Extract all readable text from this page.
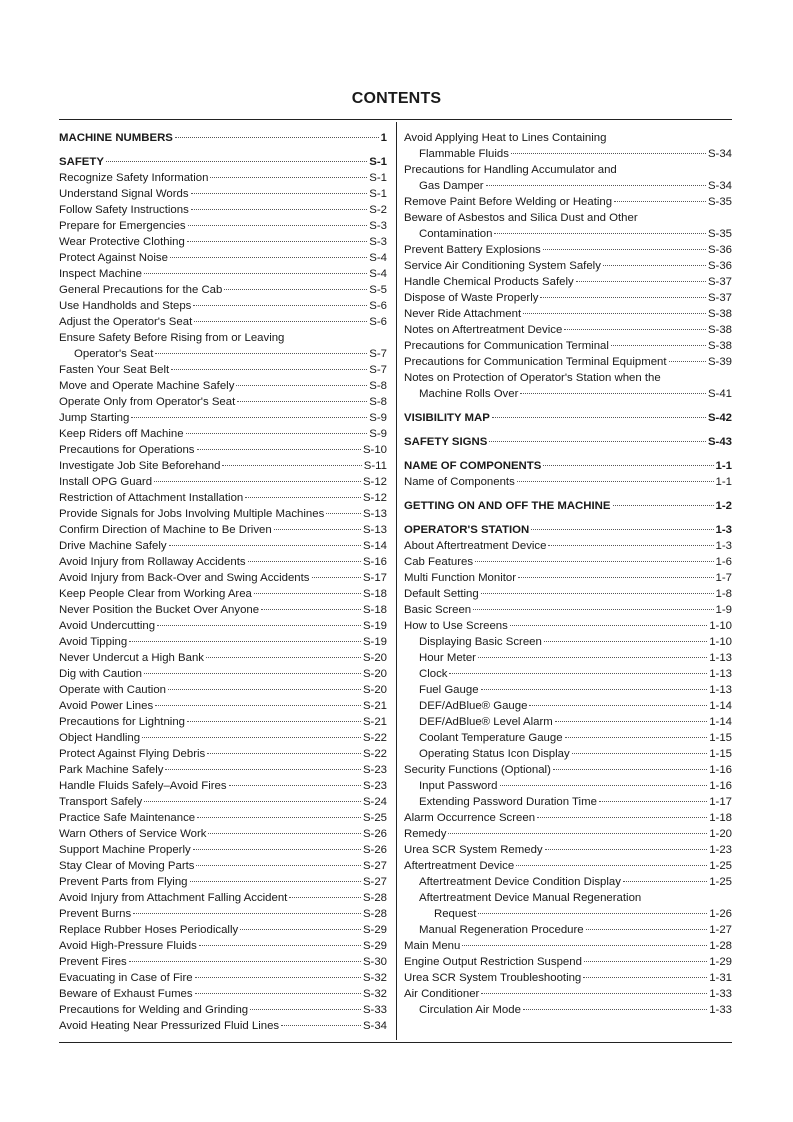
CONTENTS
MACHINE NUMBERS	1
SAFETY	S-1
Recognize Safety Information	S-1
Understand Signal Words	S-1
Follow Safety Instructions	S-2
Prepare for Emergencies	S-3
Wear Protective Clothing	S-3
Protect Against Noise	S-4
Inspect Machine	S-4
General Precautions for the Cab	S-5
Use Handholds and Steps	S-6
Adjust the Operator's Seat	S-6
Ensure Safety Before Rising from or Leaving
Operator's Seat	S-7
Fasten Your Seat Belt	S-7
Move and Operate Machine Safely	S-8
Operate Only from Operator's Seat	S-8
Jump Starting	S-9
Keep Riders off Machine	S-9
Precautions for Operations	S-10
Investigate Job Site Beforehand	S-11
Install OPG Guard	S-12
Restriction of Attachment Installation	S-12
Provide Signals for Jobs Involving Multiple Machines	S-13
Confirm Direction of Machine to Be Driven	S-13
Drive Machine Safely	S-14
Avoid Injury from Rollaway Accidents	S-16
Avoid Injury from Back-Over and Swing Accidents	S-17
Keep People Clear from Working Area	S-18
Never Position the Bucket Over Anyone	S-18
Avoid Undercutting	S-19
Avoid Tipping	S-19
Never Undercut a High Bank	S-20
Dig with Caution	S-20
Operate with Caution	S-20
Avoid Power Lines	S-21
Precautions for Lightning	S-21
Object Handling	S-22
Protect Against Flying Debris	S-22
Park Machine Safely	S-23
Handle Fluids Safely–Avoid Fires	S-23
Transport Safely	S-24
Practice Safe Maintenance	S-25
Warn Others of Service Work	S-26
Support Machine Properly	S-26
Stay Clear of Moving Parts	S-27
Prevent Parts from Flying	S-27
Avoid Injury from Attachment Falling Accident	S-28
Prevent Burns	S-28
Replace Rubber Hoses Periodically	S-29
Avoid High-Pressure Fluids	S-29
Prevent Fires	S-30
Evacuating in Case of Fire	S-32
Beware of Exhaust Fumes	S-32
Precautions for Welding and Grinding	S-33
Avoid Heating Near Pressurized Fluid Lines	S-34
Avoid Applying Heat to Lines Containing
Flammable Fluids	S-34
Precautions for Handling Accumulator and
Gas Damper	S-34
Remove Paint Before Welding or Heating	S-35
Beware of Asbestos and Silica Dust and Other
Contamination	S-35
Prevent Battery Explosions	S-36
Service Air Conditioning System Safely	S-36
Handle Chemical Products Safely	S-37
Dispose of Waste Properly	S-37
Never Ride Attachment	S-38
Notes on Aftertreatment Device	S-38
Precautions for Communication Terminal	S-38
Precautions for Communication Terminal Equipment	S-39
Notes on Protection of Operator's Station when the
Machine Rolls Over	S-41
VISIBILITY MAP	S-42
SAFETY SIGNS	S-43
NAME OF COMPONENTS	1-1
Name of Components	1-1
GETTING ON AND OFF THE MACHINE	1-2
OPERATOR'S STATION	1-3
About Aftertreatment Device	1-3
Cab Features	1-6
Multi Function Monitor	1-7
Default Setting	1-8
Basic Screen	1-9
How to Use Screens	1-10
Displaying Basic Screen	1-10
Hour Meter	1-13
Clock	1-13
Fuel Gauge	1-13
DEF/AdBlue® Gauge	1-14
DEF/AdBlue® Level Alarm	1-14
Coolant Temperature Gauge	1-15
Operating Status Icon Display	1-15
Security Functions (Optional)	1-16
Input Password	1-16
Extending Password Duration Time	1-17
Alarm Occurrence Screen	1-18
Remedy	1-20
Urea SCR System Remedy	1-23
Aftertreatment Device	1-25
Aftertreatment Device Condition Display	1-25
Aftertreatment Device Manual Regeneration
Request	1-26
Manual Regeneration Procedure	1-27
Main Menu	1-28
Engine Output Restriction Suspend	1-29
Urea SCR System Troubleshooting	1-31
Air Conditioner	1-33
Circulation Air Mode	1-33
